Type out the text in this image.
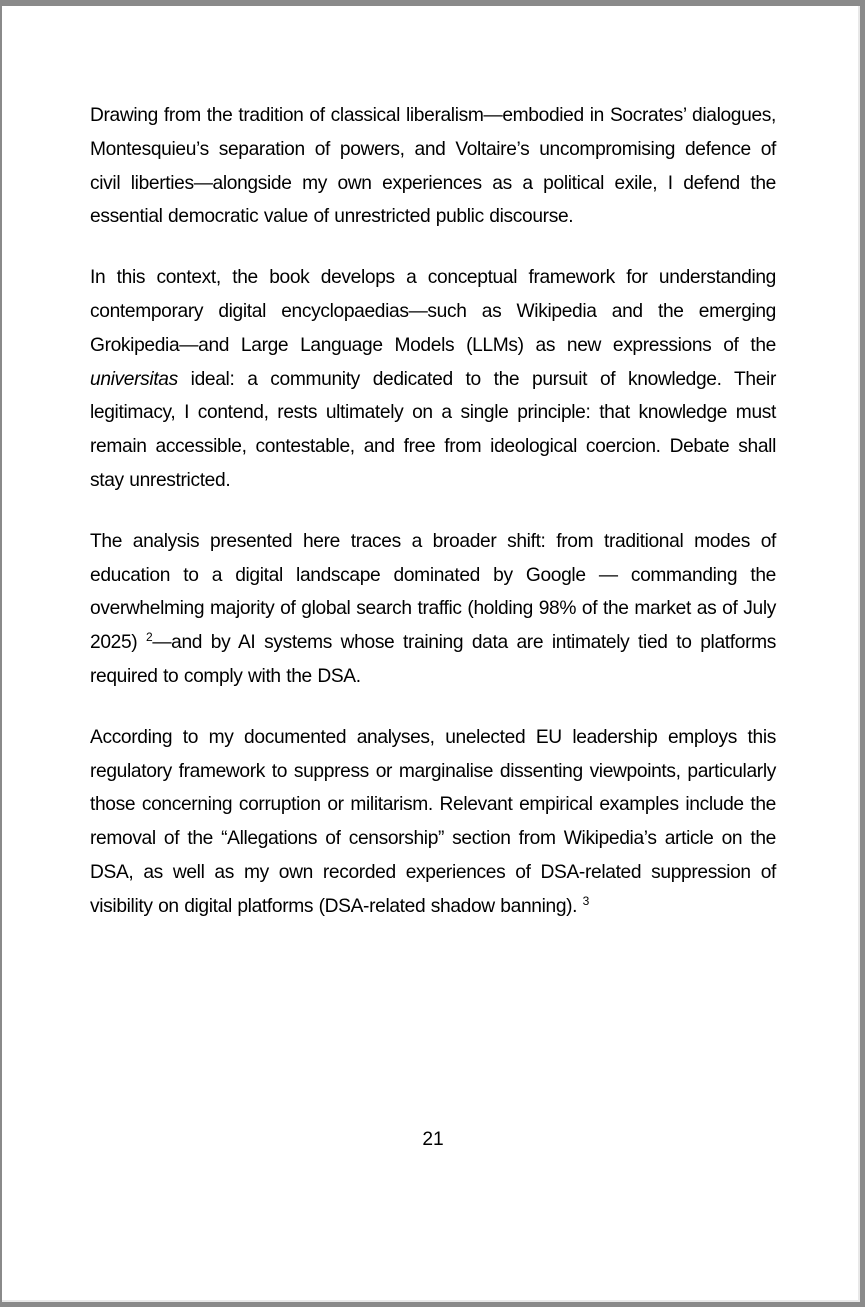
Drawing from the tradition of classical liberalism—embodied in Socrates’ dialogues, Montesquieu’s separation of powers, and Voltaire’s uncompromising defence of civil liberties—alongside my own experiences as a political exile, I defend the essential democratic value of unrestricted public discourse.

In this context, the book develops a conceptual framework for understanding contemporary digital encyclopaedias—such as Wikipedia and the emerging Grokipedia—and Large Language Models (LLMs) as new expressions of the universitas ideal: a community dedicated to the pursuit of knowledge. Their legitimacy, I contend, rests ultimately on a single principle: that knowledge must remain accessible, contestable, and free from ideological coercion. Debate shall stay unrestricted.

The analysis presented here traces a broader shift: from traditional modes of education to a digital landscape dominated by Google — commanding the overwhelming majority of global search traffic (holding 98% of the market as of July 2025) $^2$—and by AI systems whose training data are intimately tied to platforms required to comply with the DSA.

According to my documented analyses, unelected EU leadership employs this regulatory framework to suppress or marginalise dissenting viewpoints, particularly those concerning corruption or militarism. Relevant empirical examples include the removal of the “Allegations of censorship” section from Wikipedia’s article on the DSA, as well as my own recorded experiences of DSA-related suppression of visibility on digital platforms (DSA-related shadow banning). $^3$

21
